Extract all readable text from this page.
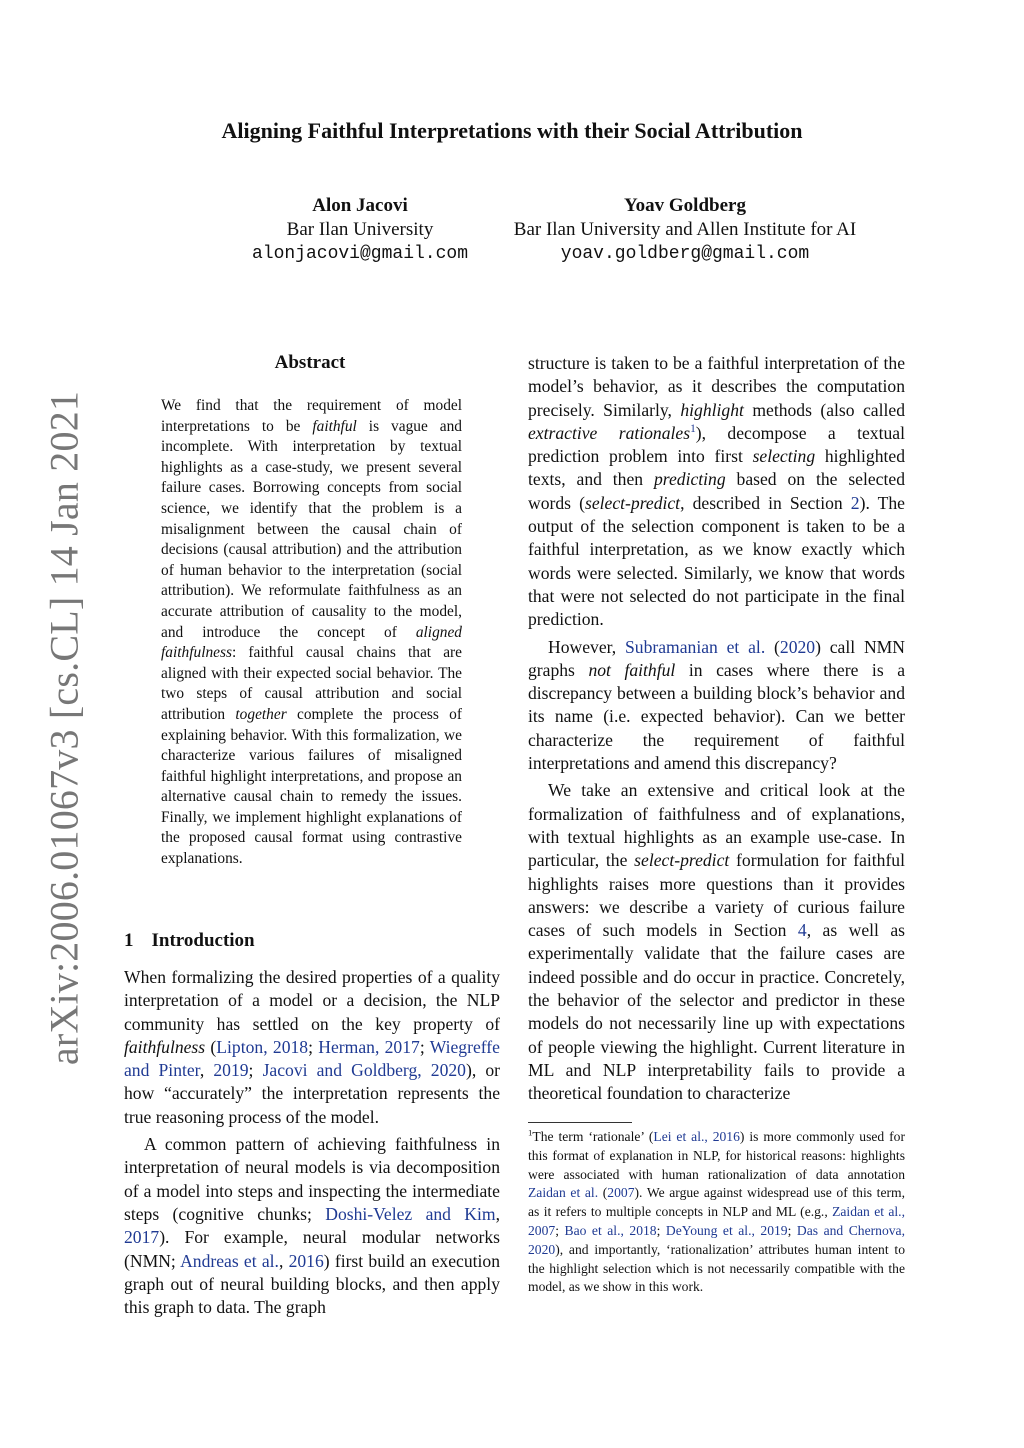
arXiv:2006.01067v3 [cs.CL] 14 Jan 2021
Aligning Faithful Interpretations with their Social Attribution
Alon Jacovi
Bar Ilan University
alonjacovi@gmail.com
Yoav Goldberg
Bar Ilan University and Allen Institute for AI
yoav.goldberg@gmail.com
Abstract
We find that the requirement of model interpretations to be faithful is vague and incomplete. With interpretation by textual highlights as a case-study, we present several failure cases. Borrowing concepts from social science, we identify that the problem is a misalignment between the causal chain of decisions (causal attribution) and the attribution of human behavior to the interpretation (social attribution). We reformulate faithfulness as an accurate attribution of causality to the model, and introduce the concept of aligned faithfulness: faithful causal chains that are aligned with their expected social behavior. The two steps of causal attribution and social attribution together complete the process of explaining behavior. With this formalization, we characterize various failures of misaligned faithful highlight interpretations, and propose an alternative causal chain to remedy the issues. Finally, we implement highlight explanations of the proposed causal format using contrastive explanations.
1 Introduction

When formalizing the desired properties of a quality interpretation of a model or a decision, the NLP community has settled on the key property of faithfulness (Lipton, 2018; Herman, 2017; Wiegreffe and Pinter, 2019; Jacovi and Goldberg, 2020), or how “accurately” the interpretation represents the true reasoning process of the model.

A common pattern of achieving faithfulness in interpretation of neural models is via decomposition of a model into steps and inspecting the intermediate steps (cognitive chunks; Doshi-Velez and Kim, 2017). For example, neural modular networks (NMN; Andreas et al., 2016) first build an execution graph out of neural building blocks, and then apply this graph to data. The graph

structure is taken to be a faithful interpretation of the model’s behavior, as it describes the computation precisely. Similarly, highlight methods (also called extractive rationales$^1$), decompose a textual prediction problem into first selecting highlighted texts, and then predicting based on the selected words (select-predict, described in Section 2). The output of the selection component is taken to be a faithful interpretation, as we know exactly which words were selected. Similarly, we know that words that were not selected do not participate in the final prediction.

However, Subramanian et al. (2020) call NMN graphs not faithful in cases where there is a discrepancy between a building block’s behavior and its name (i.e. expected behavior). Can we better characterize the requirement of faithful interpretations and amend this discrepancy?

We take an extensive and critical look at the formalization of faithfulness and of explanations, with textual highlights as an example use-case. In particular, the select-predict formulation for faithful highlights raises more questions than it provides answers: we describe a variety of curious failure cases of such models in Section 4, as well as experimentally validate that the failure cases are indeed possible and do occur in practice. Concretely, the behavior of the selector and predictor in these models do not necessarily line up with expectations of people viewing the highlight. Current literature in ML and NLP interpretability fails to provide a theoretical foundation to characterize

$^1$The term ‘rationale’ (Lei et al., 2016) is more commonly used for this format of explanation in NLP, for historical reasons: highlights were associated with human rationalization of data annotation Zaidan et al. (2007). We argue against widespread use of this term, as it refers to multiple concepts in NLP and ML (e.g., Zaidan et al., 2007; Bao et al., 2018; DeYoung et al., 2019; Das and Chernova, 2020), and importantly, ‘rationalization’ attributes human intent to the highlight selection which is not necessarily compatible with the model, as we show in this work.
